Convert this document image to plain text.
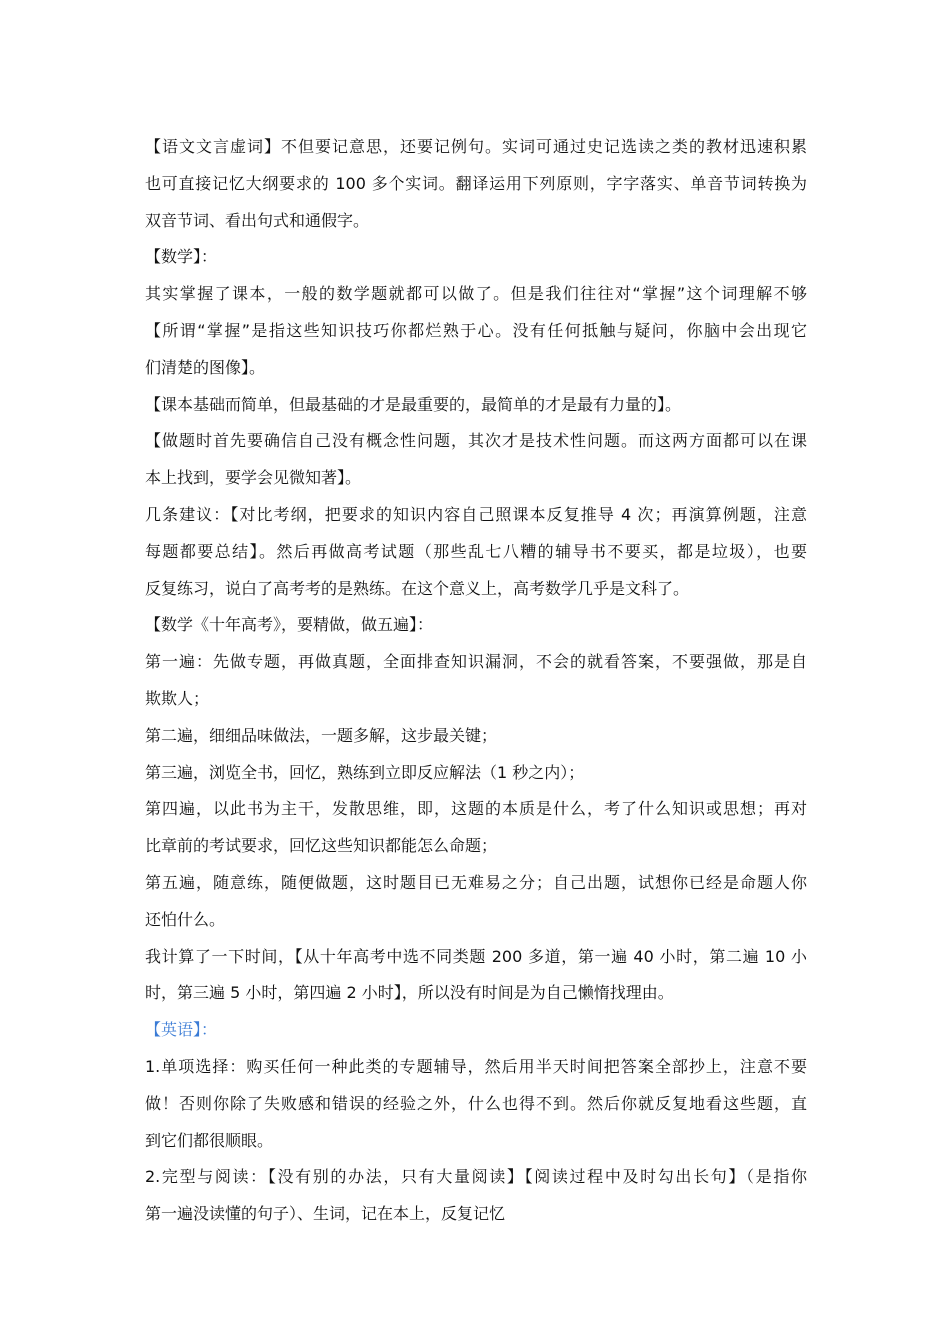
【语文文言虚词】不但要记意思，还要记例句。实词可通过史记选读之类的教材迅速积累
也可直接记忆大纲要求的 100 多个实词。翻译运用下列原则，字字落实、单音节词转换为
双音节词、看出句式和通假字。
【数学】：
其实掌握了课本，一般的数学题就都可以做了。但是我们往往对“掌握”这个词理解不够
【所谓“掌握”是指这些知识技巧你都烂熟于心。没有任何抵触与疑问，你脑中会出现它
们清楚的图像】。
【课本基础而简单，但最基础的才是最重要的，最简单的才是最有力量的】。
【做题时首先要确信自己没有概念性问题，其次才是技术性问题。而这两方面都可以在课
本上找到，要学会见微知著】。
几条建议：【对比考纲，把要求的知识内容自己照课本反复推导 4 次；再演算例题，注意
每题都要总结】。然后再做高考试题（那些乱七八糟的辅导书不要买，都是垃圾），也要
反复练习，说白了高考考的是熟练。在这个意义上，高考数学几乎是文科了。
【数学《十年高考》，要精做，做五遍】：
第一遍：先做专题，再做真题，全面排查知识漏洞，不会的就看答案，不要强做，那是自
欺欺人；
第二遍，细细品味做法，一题多解，这步最关键；
第三遍，浏览全书，回忆，熟练到立即反应解法（1 秒之内）；
第四遍，以此书为主干，发散思维，即，这题的本质是什么，考了什么知识或思想；再对
比章前的考试要求，回忆这些知识都能怎么命题；
第五遍，随意练，随便做题，这时题目已无难易之分；自己出题，试想你已经是命题人你
还怕什么。
我计算了一下时间，【从十年高考中选不同类题 200 多道，第一遍 40 小时，第二遍 10 小
时，第三遍 5 小时，第四遍 2 小时】，所以没有时间是为自己懒惰找理由。
【英语】：
1.单项选择：购买任何一种此类的专题辅导，然后用半天时间把答案全部抄上，注意不要
做！否则你除了失败感和错误的经验之外，什么也得不到。然后你就反复地看这些题，直
到它们都很顺眼。
2.完型与阅读：【没有别的办法，只有大量阅读】【阅读过程中及时勾出长句】（是指你
第一遍没读懂的句子）、生词，记在本上，反复记忆
